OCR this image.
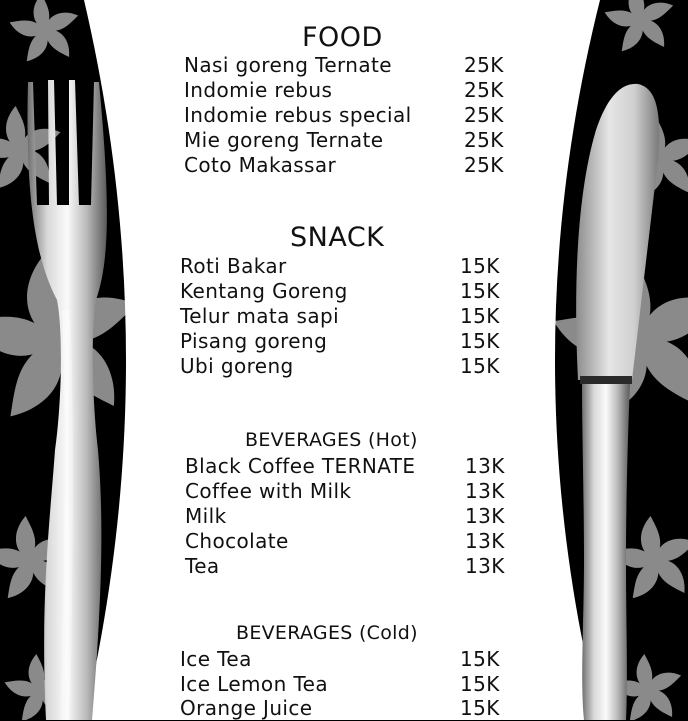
FOOD
Nasi goreng Ternate	25K
Indomie rebus	25K
Indomie rebus special	25K
Mie goreng Ternate	25K
Coto Makassar	25K
SNACK
Roti Bakar	15K
Kentang Goreng	15K
Telur mata sapi	15K
Pisang goreng	15K
Ubi goreng	15K
BEVERAGES (Hot)
Black Coffee TERNATE 13K
Coffee with Milk	13K
Milk	13K
Chocolate	13K
Tea	13K
BEVERAGES (Cold)
Ice Tea	15K
Ice Lemon Tea	15K
Orange Juice	15K
